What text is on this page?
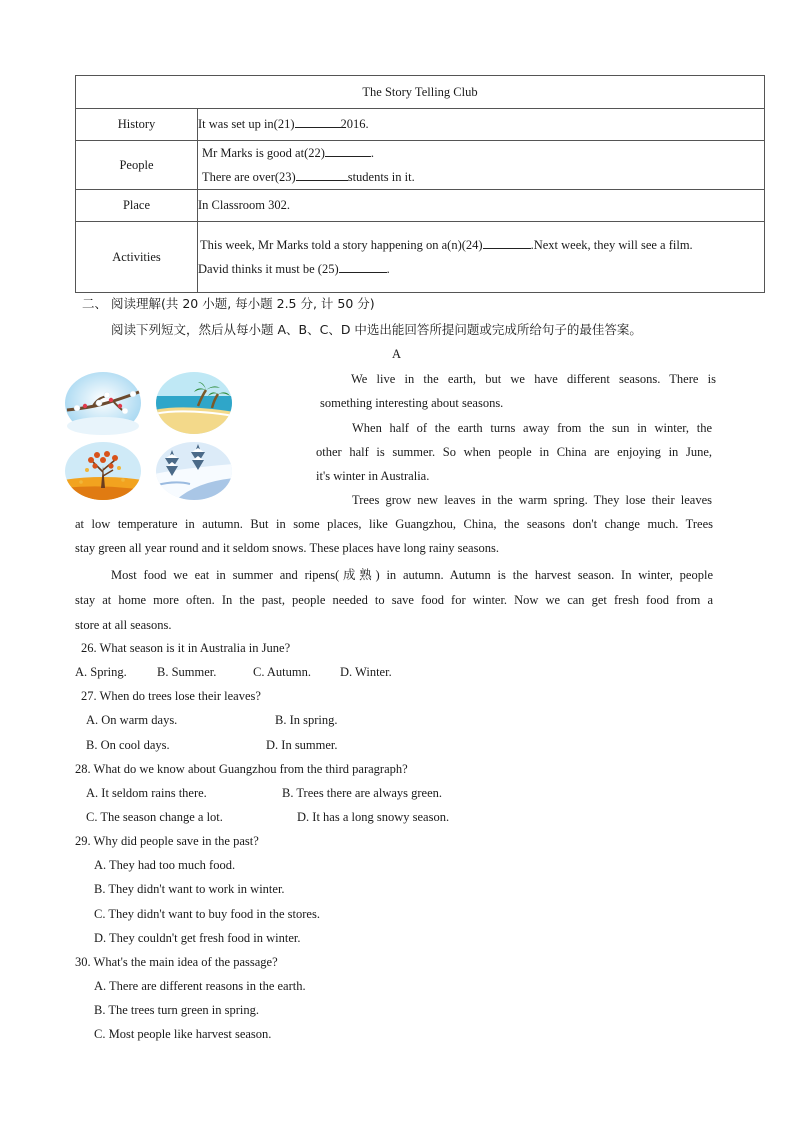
The Story Telling Club	
History	It was set up in(21) 2016.
People	Mr Marks is good at(22) .
There are over(23) students in it.

Place	In Classroom 302.
Activities	This week, Mr Marks told a story happening on a(n)(24) .Next week, they will see a film.
David thinks it must be (25) .
二、 阅读理解(共 20 小题, 每小题 2.5 分, 计 50 分)
阅读下列短文，然后从每小题 A、B、C、D 中选出能回答所提问题或完成所给句子的最佳答案。
A
We live in the earth, but we have different seasons. There is
something interesting about seasons.
When half of the earth turns away from the sun in winter, the
other half is summer. So when people in China are enjoying in June,
it's winter in Australia.
Trees grow new leaves in the warm spring. They lose their leaves
at low temperature in autumn. But in some places, like Guangzhou, China, the seasons don't change much. Trees
stay green all year round and it seldom snows. These places have long rainy seasons.
Most food we eat in summer and ripens(成熟) in autumn. Autumn is the harvest season. In winter, people
stay at home more often. In the past, people needed to save food for winter. Now we can get fresh food from a
store at all seasons.
26. What season is it in Australia in June?
A. Spring. B. Summer.	C. Autumn. D. Winter.
27. When do trees lose their leaves?
A. On warm days.	B. In spring.
B. On cool days.	D. In summer.
28. What do we know about Guangzhou from the third paragraph?
A. It seldom rains there.	B. Trees there are always green.
C. The season change a lot.	D. It has a long snowy season.
29. Why did people save in the past?
A. They had too much food.
B. They didn't want to work in winter.
C. They didn't want to buy food in the stores.
D. They couldn't get fresh food in winter.
30. What's the main idea of the passage?
A. There are different reasons in the earth.
B. The trees turn green in spring.
C. Most people like harvest season.
